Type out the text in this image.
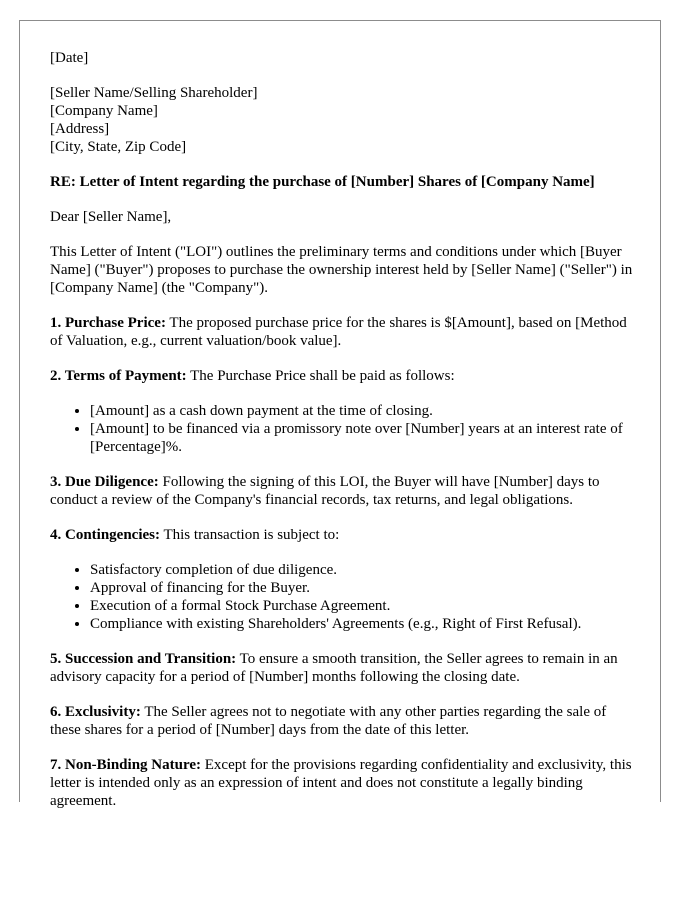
[Date]

[Seller Name/Selling Shareholder]

[Company Name]

[Address]

[City, State, Zip Code]

RE: Letter of Intent regarding the purchase of [Number] Shares of [Company Name]

Dear [Seller Name],

This Letter of Intent ("LOI") outlines the preliminary terms and conditions under which [Buyer Name] ("Buyer") proposes to purchase the ownership interest held by [Seller Name] ("Seller") in [Company Name] (the "Company").

1. Purchase Price: The proposed purchase price for the shares is $[Amount], based on [Method of Valuation, e.g., current valuation/book value].

2. Terms of Payment: The Purchase Price shall be paid as follows:

• [Amount] as a cash down payment at the time of closing.
• [Amount] to be financed via a promissory note over [Number] years at an interest rate of [Percentage]%.

3. Due Diligence: Following the signing of this LOI, the Buyer will have [Number] days to conduct a review of the Company's financial records, tax returns, and legal obligations.

4. Contingencies: This transaction is subject to:

• Satisfactory completion of due diligence.
• Approval of financing for the Buyer.
• Execution of a formal Stock Purchase Agreement.
• Compliance with existing Shareholders' Agreements (e.g., Right of First Refusal).

5. Succession and Transition: To ensure a smooth transition, the Seller agrees to remain in an advisory capacity for a period of [Number] months following the closing date.

6. Exclusivity: The Seller agrees not to negotiate with any other parties regarding the sale of these shares for a period of [Number] days from the date of this letter.

7. Non-Binding Nature: Except for the provisions regarding confidentiality and exclusivity, this letter is intended only as an expression of intent and does not constitute a legally binding agreement.
